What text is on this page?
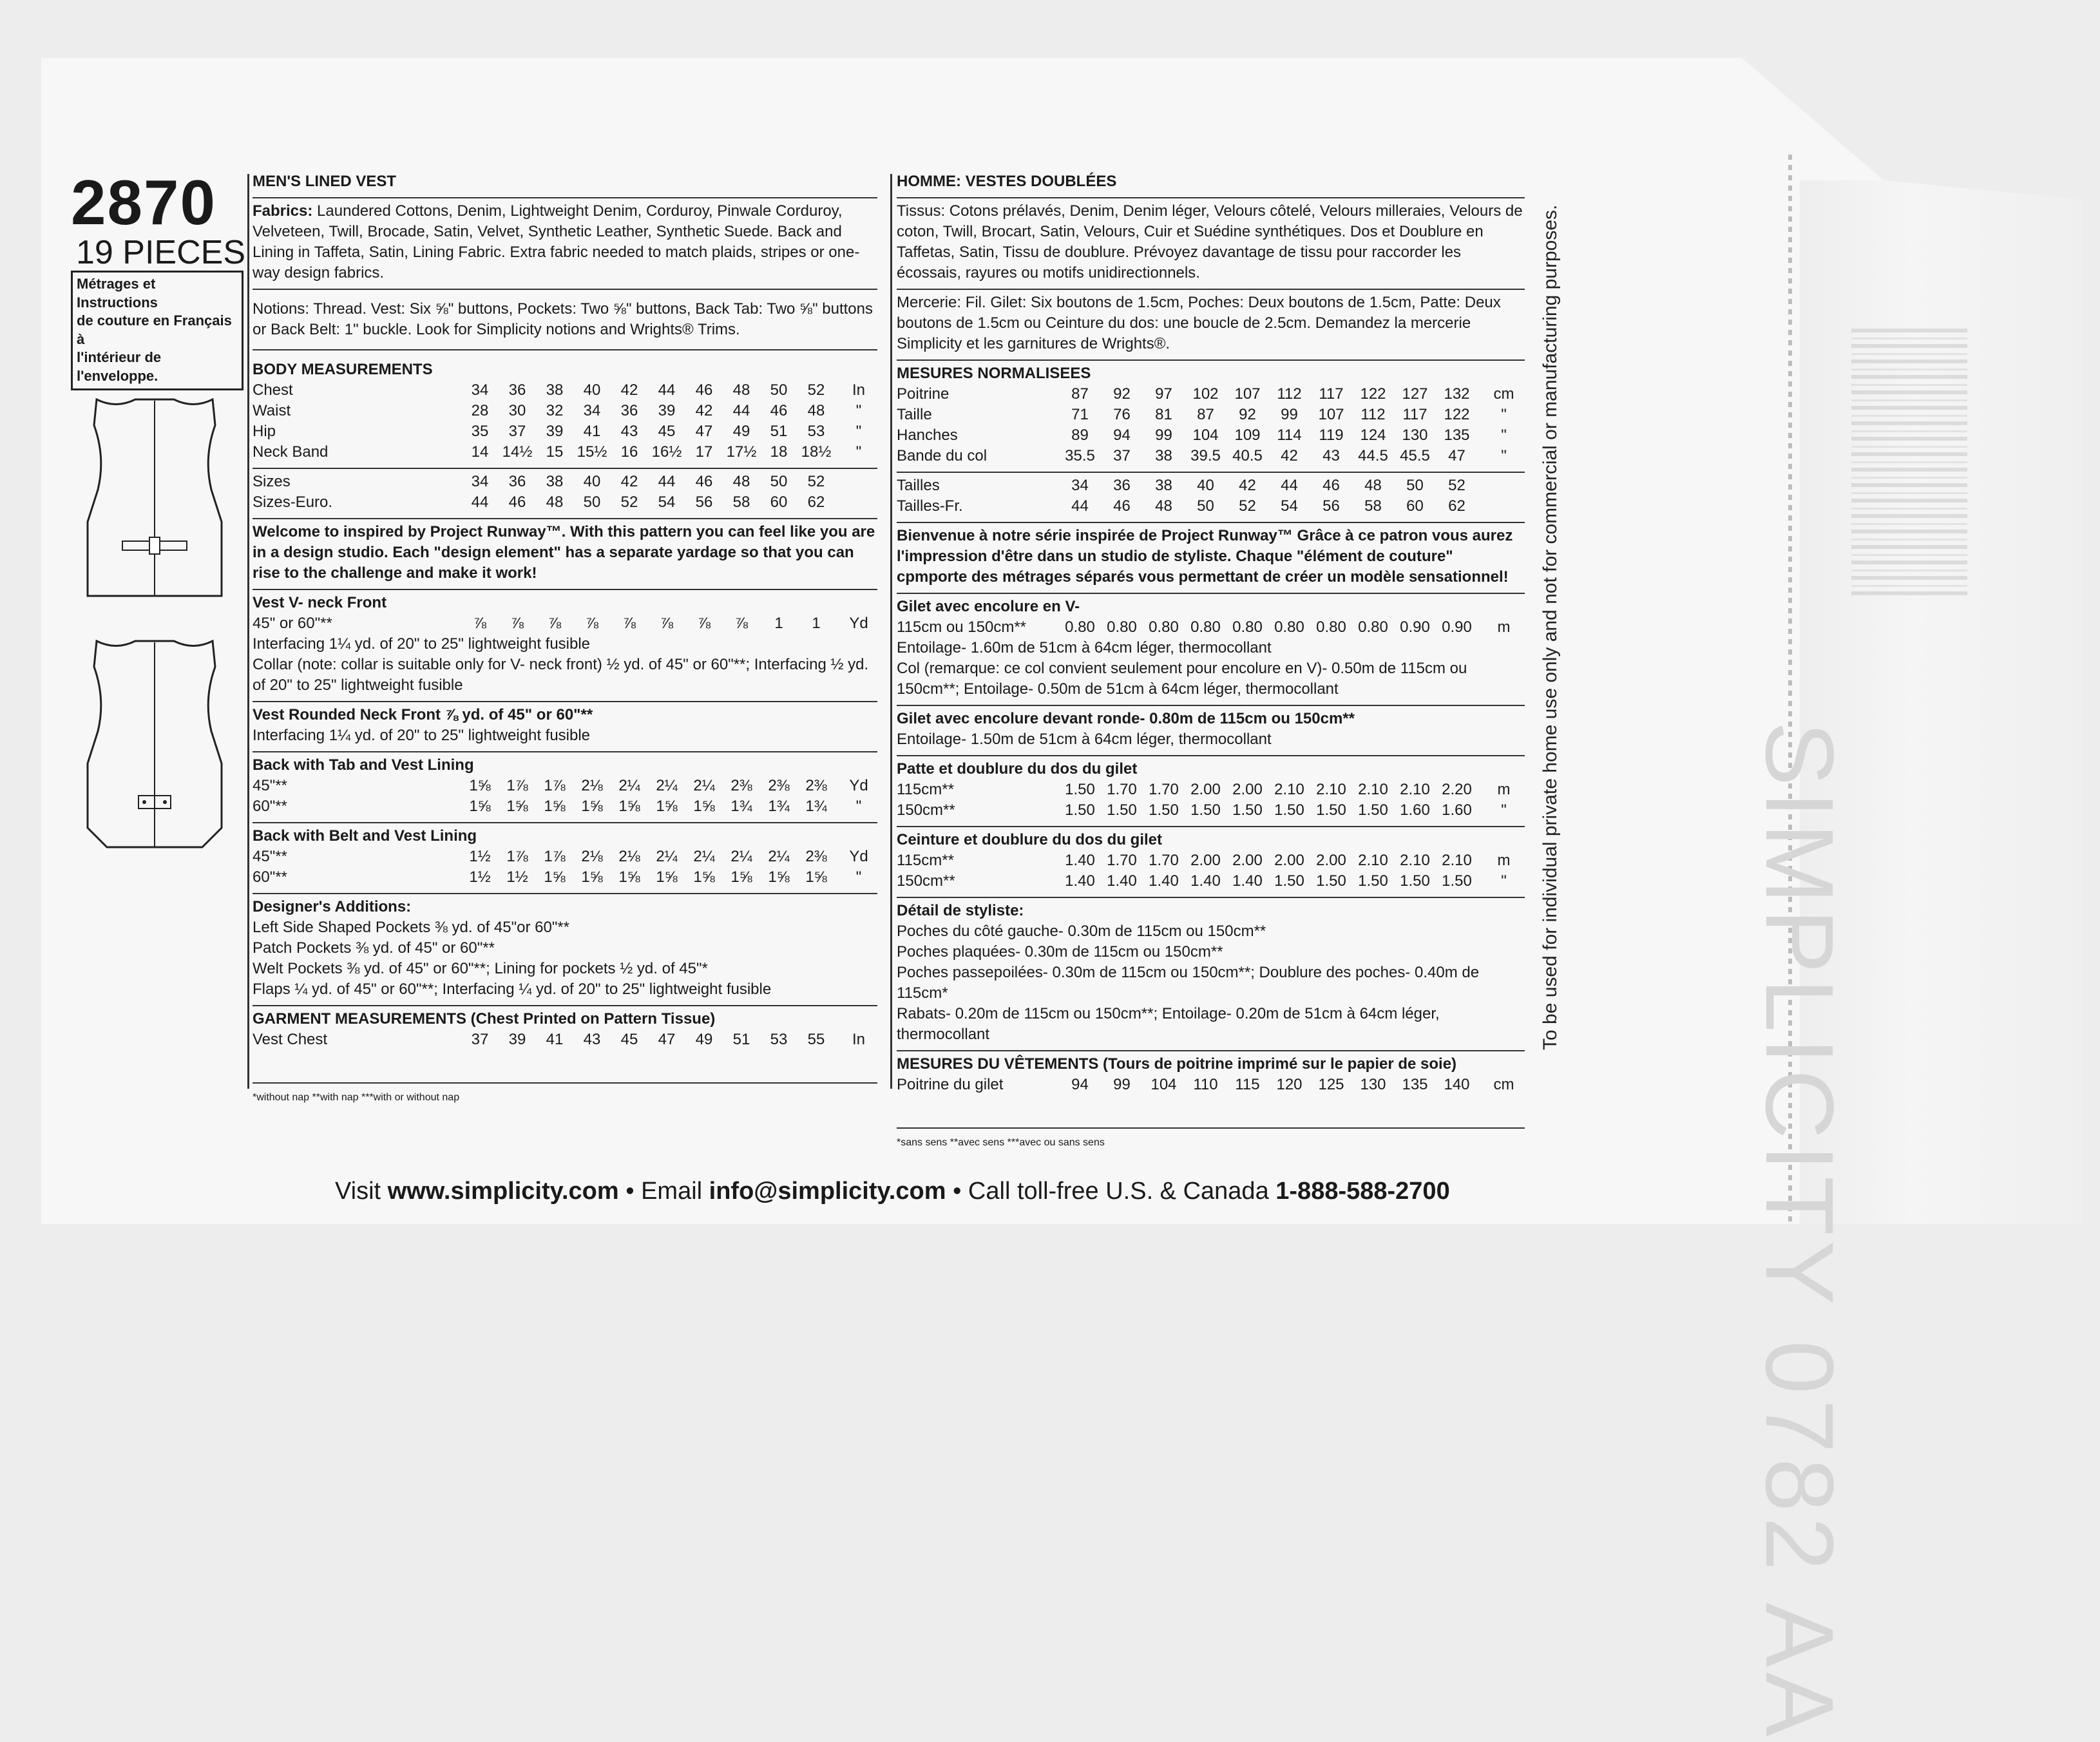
SIMPLICITY 0782 AA
To be used for individual private home use only and not for commercial or manufacturing purposes.
2870
19 PIECES
Métrages et Instructions
de couture en Français à
l'intérieur de
l'enveloppe.
MEN'S LINED VEST
Fabrics: Laundered Cottons, Denim, Lightweight Denim, Corduroy, Pinwale Corduroy, Velveteen, Twill, Brocade, Satin, Velvet, Synthetic Leather, Synthetic Suede. Back and Lining in Taffeta, Satin, Lining Fabric. Extra fabric needed to match plaids, stripes or one-way design fabrics.
Notions: Thread. Vest: Six ⅝" buttons, Pockets: Two ⅝" buttons, Back Tab: Two ⅝" buttons or Back Belt: 1" buckle. Look for Simplicity notions and Wrights® Trims.
BODY MEASUREMENTS
Chest	34	36	38	40	42	44	46	48	50	52	In
Waist	28	30	32	34	36	39	42	44	46	48	"
Hip	35	37	39	41	43	45	47	49	51	53	"
Neck Band	14 14½ 15 15½ 16 16½ 17 17½ 18 18½	"
Sizes	34	36	38	40	42	44	46	48	50	52
Sizes-Euro.	44	46	48	50	52	54	56	58	60	62
Welcome to inspired by Project Runway™. With this pattern you can feel like you are in a design studio. Each "design element" has a separate yardage so that you can rise to the challenge and make it work!
Vest V- neck Front
45" or 60"**	⅞	⅞	⅞	⅞	⅞	⅞	⅞	⅞	1	1	Yd
Interfacing 1¼ yd. of 20" to 25" lightweight fusible
Collar (note: collar is suitable only for V- neck front) ½ yd. of 45" or 60"**; Interfacing ½ yd. of 20" to 25" lightweight fusible
Vest Rounded Neck Front ⅞ yd. of 45" or 60"**
Interfacing 1¼ yd. of 20" to 25" lightweight fusible
Back with Tab and Vest Lining
45"**	1⅝	1⅞	1⅞	2⅛	2¼	2¼	2¼	2⅜	2⅜	2⅜	Yd
60"**	1⅝	1⅝	1⅝	1⅝	1⅝	1⅝	1⅝	1¾	1¾	1¾	"
Back with Belt and Vest Lining
45"**	1½	1⅞	1⅞	2⅛	2⅛	2¼	2¼	2¼	2¼	2⅜	Yd
60"**	1½	1½	1⅝	1⅝	1⅝	1⅝	1⅝	1⅝	1⅝	1⅝	"
Designer's Additions:
Left Side Shaped Pockets ⅜ yd. of 45"or 60"**
Patch Pockets ⅜ yd. of 45" or 60"**
Welt Pockets ⅜ yd. of 45" or 60"**; Lining for pockets ½ yd. of 45"*
Flaps ¼ yd. of 45" or 60"**; Interfacing ¼ yd. of 20" to 25" lightweight fusible
GARMENT MEASUREMENTS (Chest Printed on Pattern Tissue)
Vest Chest	37	39	41	43	45	47	49	51	53	55	In
*without nap **with nap ***with or without nap
HOMME: VESTES DOUBLÉES
Tissus: Cotons prélavés, Denim, Denim léger, Velours côtelé, Velours milleraies, Velours de coton, Twill, Brocart, Satin, Velours, Cuir et Suédine synthétiques. Dos et Doublure en Taffetas, Satin, Tissu de doublure. Prévoyez davantage de tissu pour raccorder les écossais, rayures ou motifs unidirectionnels.
Mercerie: Fil. Gilet: Six boutons de 1.5cm, Poches: Deux boutons de 1.5cm, Patte: Deux boutons de 1.5cm ou Ceinture du dos: une boucle de 2.5cm. Demandez la mercerie Simplicity et les garnitures de Wrights®.
MESURES NORMALISEES
Poitrine	87	92	97	102	107	112	117	122	127	132	cm
Taille	71	76	81	87	92	99	107	112	117	122	"
Hanches	89	94	99	104	109	114	119	124	130	135	"
Bande du col	35.5	37	38	39.5 40.5	42	43	44.5 45.5	47	"
Tailles	34	36	38	40	42	44	46	48	50	52
Tailles-Fr.	44	46	48	50	52	54	56	58	60	62
Bienvenue à notre série inspirée de Project Runway™ Grâce à ce patron vous aurez l'impression d'être dans un studio de styliste. Chaque "élément de couture" cpmporte des métrages séparés vous permettant de créer un modèle sensationnel!
Gilet avec encolure en V-
115cm ou 150cm**	0.80 0.80 0.80 0.80 0.80 0.80 0.80 0.80 0.90 0.90	m
Entoilage- 1.60m de 51cm à 64cm léger, thermocollant
Col (remarque: ce col convient seulement pour encolure en V)- 0.50m de 115cm ou 150cm**; Entoilage- 0.50m de 51cm à 64cm léger, thermocollant
Gilet avec encolure devant ronde- 0.80m de 115cm ou 150cm**
Entoilage- 1.50m de 51cm à 64cm léger, thermocollant
Patte et doublure du dos du gilet
115cm**	1.50 1.70 1.70 2.00 2.00 2.10 2.10 2.10 2.10 2.20	m
150cm**	1.50 1.50 1.50 1.50 1.50 1.50 1.50 1.50 1.60 1.60	"
Ceinture et doublure du dos du gilet
115cm**	1.40 1.70 1.70 2.00 2.00 2.00 2.00 2.10 2.10 2.10	m
150cm**	1.40 1.40 1.40 1.40 1.40 1.50 1.50 1.50 1.50 1.50	"
Détail de styliste:
Poches du côté gauche- 0.30m de 115cm ou 150cm**
Poches plaquées- 0.30m de 115cm ou 150cm**
Poches passepoilées- 0.30m de 115cm ou 150cm**; Doublure des poches- 0.40m de 115cm*
Rabats- 0.20m de 115cm ou 150cm**; Entoilage- 0.20m de 51cm à 64cm léger, thermocollant
MESURES DU VÊTEMENTS (Tours de poitrine imprimé sur le papier de soie)
Poitrine du gilet	94	99	104	110	115	120	125	130	135	140	cm
*sans sens **avec sens ***avec ou sans sens
Visit www.simplicity.com • Email info@simplicity.com • Call toll-free U.S. & Canada 1-888-588-2700
